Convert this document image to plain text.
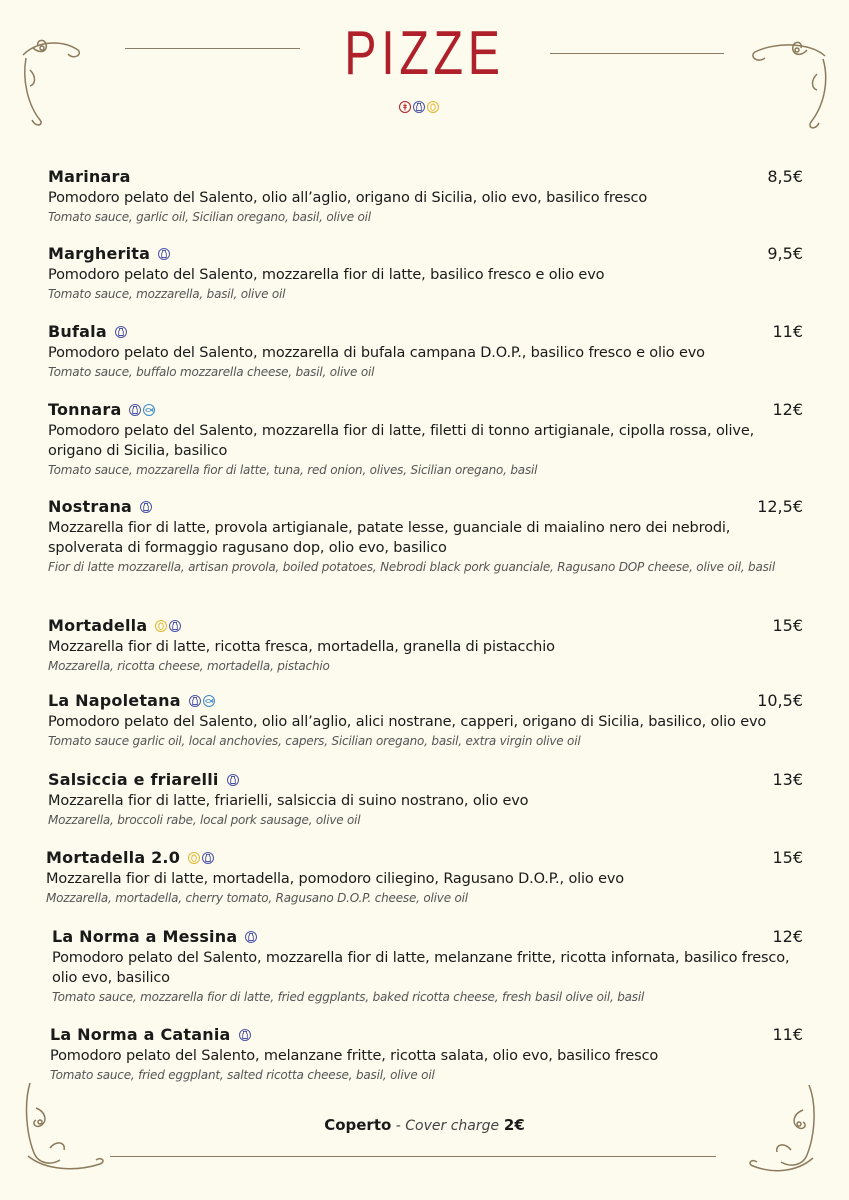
PIZZE
Marinara	8,5€
Pomodoro pelato del Salento, olio all’aglio, origano di Sicilia, olio evo, basilico fresco
Tomato sauce, garlic oil, Sicilian oregano, basil, olive oil
Margherita	9,5€
Pomodoro pelato del Salento, mozzarella fior di latte, basilico fresco e olio evo
Tomato sauce, mozzarella, basil, olive oil
Bufala	11€
Pomodoro pelato del Salento, mozzarella di bufala campana D.O.P., basilico fresco e olio evo
Tomato sauce, buffalo mozzarella cheese, basil, olive oil
Tonnara	12€
Pomodoro pelato del Salento, mozzarella fior di latte, filetti di tonno artigianale, cipolla rossa, olive, origano di Sicilia, basilico
Tomato sauce, mozzarella fior di latte, tuna, red onion, olives, Sicilian oregano, basil
Nostrana	12,5€
Mozzarella fior di latte, provola artigianale, patate lesse, guanciale di maialino nero dei nebrodi, spolverata di formaggio ragusano dop, olio evo, basilico
Fior di latte mozzarella, artisan provola, boiled potatoes, Nebrodi black pork guanciale, Ragusano DOP cheese, olive oil, basil
Mortadella	15€
Mozzarella fior di latte, ricotta fresca, mortadella, granella di pistacchio
Mozzarella, ricotta cheese, mortadella, pistachio
La Napoletana	10,5€
Pomodoro pelato del Salento, olio all’aglio, alici nostrane, capperi, origano di Sicilia, basilico, olio evo
Tomato sauce garlic oil, local anchovies, capers, Sicilian oregano, basil, extra virgin olive oil
Salsiccia e friarelli	13€
Mozzarella fior di latte, friarielli, salsiccia di suino nostrano, olio evo
Mozzarella, broccoli rabe, local pork sausage, olive oil
Mortadella 2.0	15€
Mozzarella fior di latte, mortadella, pomodoro ciliegino, Ragusano D.O.P., olio evo
Mozzarella, mortadella, cherry tomato, Ragusano D.O.P. cheese, olive oil
La Norma a Messina	12€
Pomodoro pelato del Salento, mozzarella fior di latte, melanzane fritte, ricotta infornata, basilico fresco, olio evo, basilico
Tomato sauce, mozzarella fior di latte, fried eggplants, baked ricotta cheese, fresh basil olive oil, basil
La Norma a Catania	11€
Pomodoro pelato del Salento, melanzane fritte, ricotta salata, olio evo, basilico fresco
Tomato sauce, fried eggplant, salted ricotta cheese, basil, olive oil
Coperto - Cover charge 2€
